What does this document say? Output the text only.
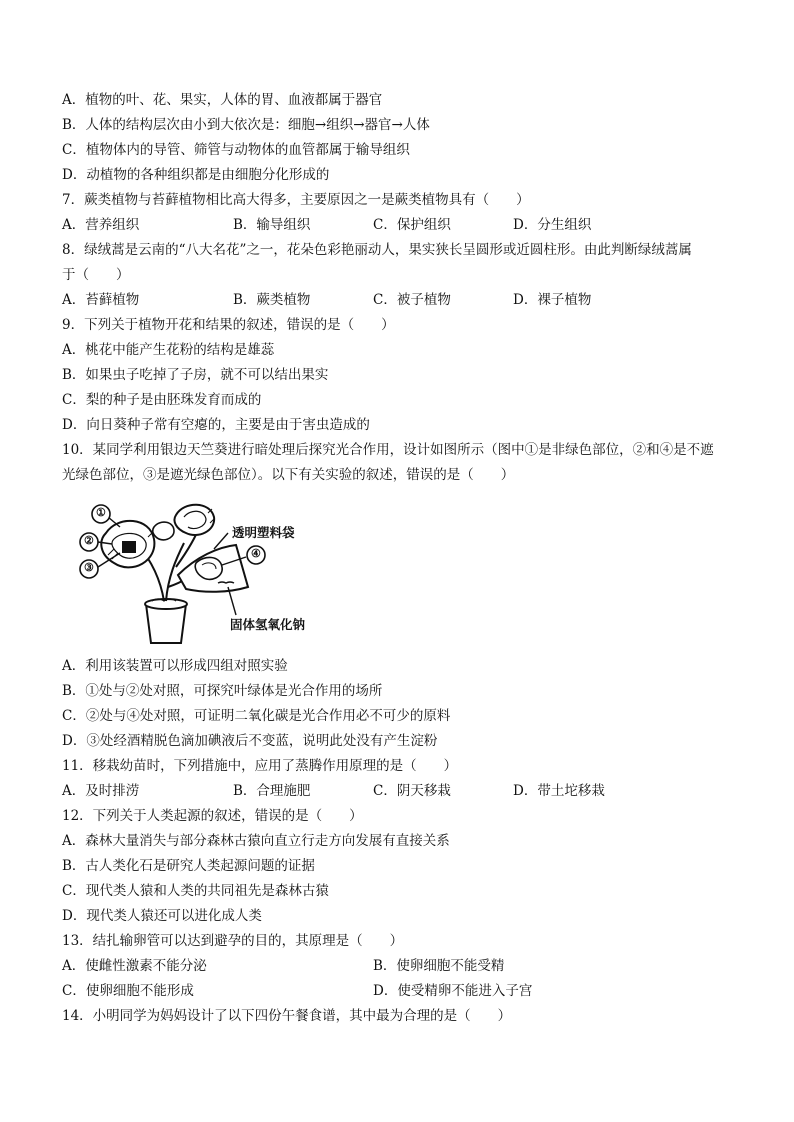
A．植物的叶、花、果实，人体的胃、血液都属于器官
B．人体的结构层次由小到大依次是：细胞→组织→器官→人体
C．植物体内的导管、筛管与动物体的血管都属于输导组织
D．动植物的各种组织都是由细胞分化形成的
7．蕨类植物与苔藓植物相比高大得多，主要原因之一是蕨类植物具有（　　）
A．营养组织	B．输导组织	C．保护组织	D．分生组织
8．绿绒蒿是云南的“八大名花”之一，花朵色彩艳丽动人，果实狭长呈圆形或近圆柱形。由此判断绿绒蒿属
于（　　）
A．苔藓植物	B．蕨类植物	C．被子植物	D．裸子植物
9．下列关于植物开花和结果的叙述，错误的是（　　）
A．桃花中能产生花粉的结构是雄蕊
B．如果虫子吃掉了子房，就不可以结出果实
C．梨的种子是由胚珠发育而成的
D．向日葵种子常有空瘪的，主要是由于害虫造成的
10．某同学利用银边天竺葵进行暗处理后探究光合作用，设计如图所示（图中①是非绿色部位，②和④是不遮
光绿色部位，③是遮光绿色部位）。以下有关实验的叙述，错误的是（　　）
①
②
③
④
透明塑料袋
固体氢氧化钠
A．利用该装置可以形成四组对照实验
B．①处与②处对照，可探究叶绿体是光合作用的场所
C．②处与④处对照，可证明二氧化碳是光合作用必不可少的原料
D．③处经酒精脱色滴加碘液后不变蓝，说明此处没有产生淀粉
11．移栽幼苗时，下列措施中，应用了蒸腾作用原理的是（　　）
A．及时排涝	B．合理施肥	C．阴天移栽	D．带土坨移栽
12．下列关于人类起源的叙述，错误的是（　　）
A．森林大量消失与部分森林古猿向直立行走方向发展有直接关系
B．古人类化石是研究人类起源问题的证据
C．现代类人猿和人类的共同祖先是森林古猿
D．现代类人猿还可以进化成人类
13．结扎输卵管可以达到避孕的目的，其原理是（　　）
A．使雌性激素不能分泌	B．使卵细胞不能受精
C．使卵细胞不能形成	D．使受精卵不能进入子宫
14．小明同学为妈妈设计了以下四份午餐食谱，其中最为合理的是（　　）
